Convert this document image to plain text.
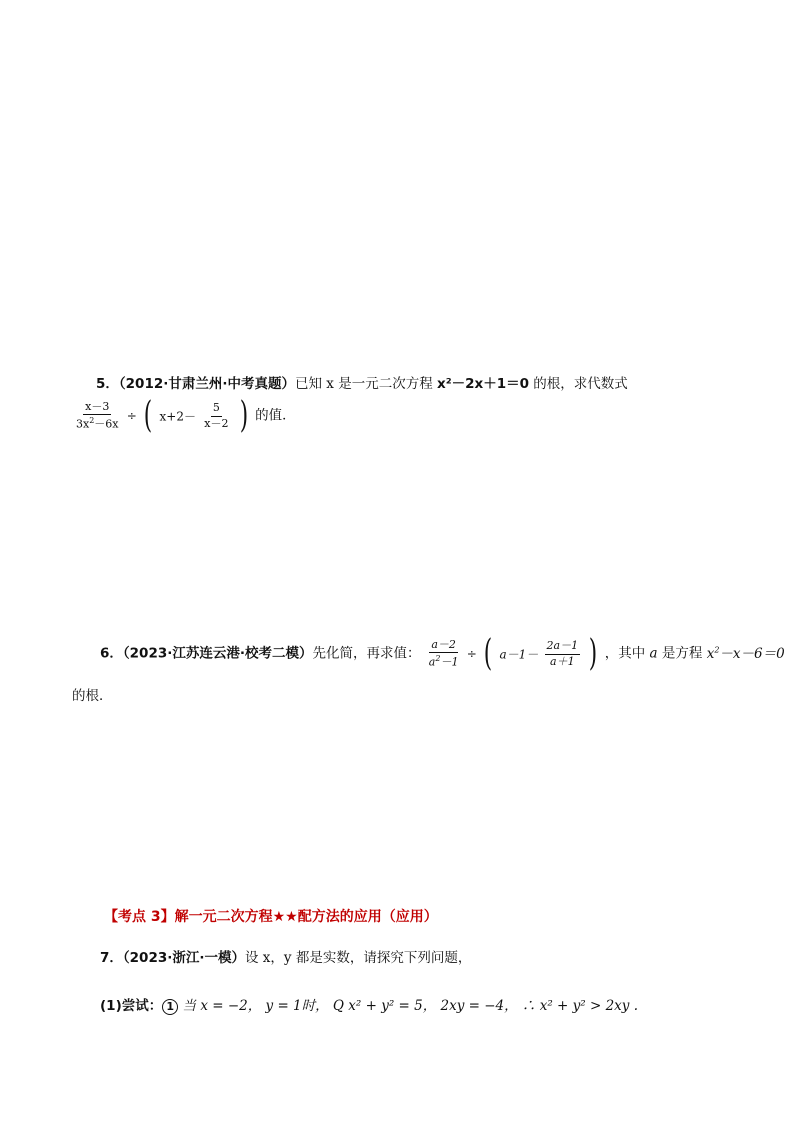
5．（2012·甘肃兰州·中考真题）已知 x 是一元二次方程 x²－2x＋1＝0 的根，求代数式
$\frac{x-3}{3x^2-6x}$ ÷ ( $x+2- \frac{5}{x-2}$ ) 的值．
6．（2023·江苏连云港·校考二模）先化简，再求值： $\frac{a-2}{a^2-1}$ ÷ ( $a-1- \frac{2a-1}{a+1}$ ) ，其中 a 是方程 $x^2-x-6=0$
的根．
【考点 3】解一元二次方程★★配方法的应用（应用）
7．（2023·浙江·一模）设 x，y 都是实数，请探究下列问题，
(1)尝试： 1 当 x = −2， y = 1时， Q x² + y² = 5， 2xy = −4， ∴ x² + y² > 2xy .
